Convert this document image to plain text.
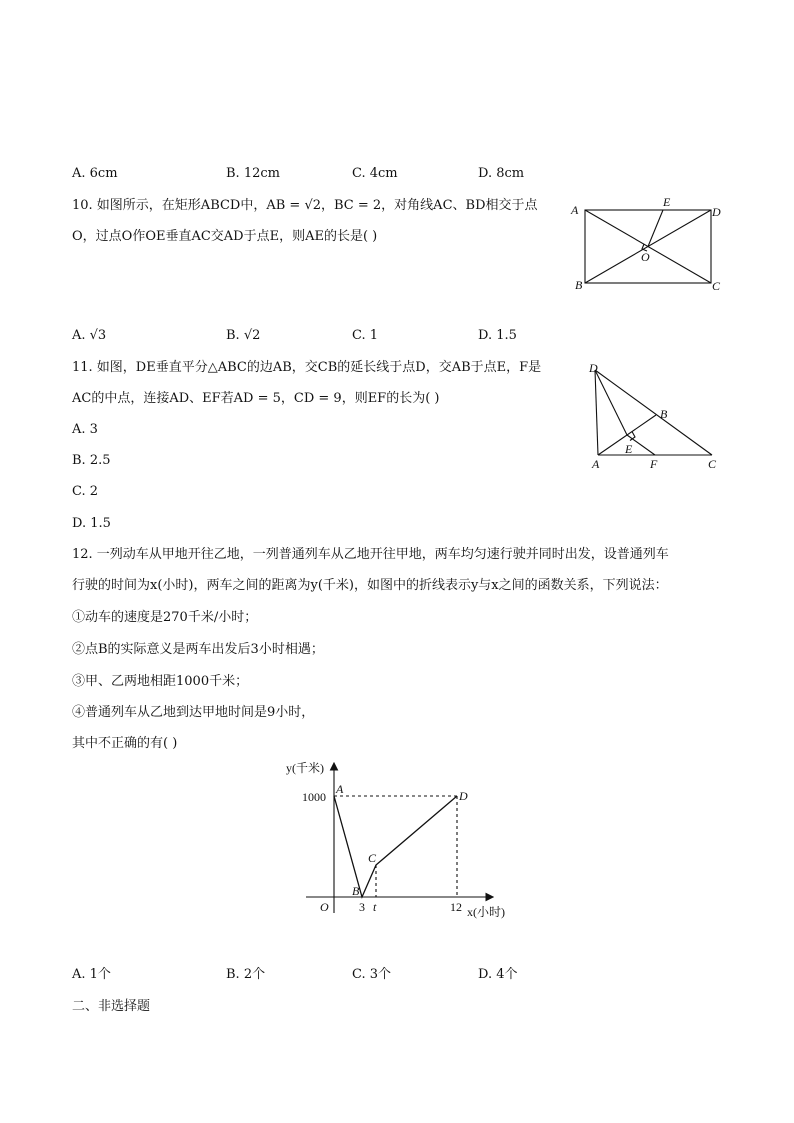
A. 6cm	B. 12cm	C. 4cm	D. 8cm
10. 如图所示，在矩形ABCD中，AB = √2，BC = 2，对角线AC、BD相交于点
O，过点O作OE垂直AC交AD于点E，则AE的长是( )
A
B	C
D
E
O
A. √3	B. √2	C. 1	D. 1.5
11. 如图，DE垂直平分△ABC的边AB，交CB的延长线于点D，交AB于点E，F是
AC的中点，连接AD、EF若AD = 5，CD = 9，则EF的长为( )
D
B
E
A	F	C
A. 3
B. 2.5
C. 2
D. 1.5
12. 一列动车从甲地开往乙地，一列普通列车从乙地开往甲地，两车均匀速行驶并同时出发，设普通列车
行驶的时间为x(小时)，两车之间的距离为y(千米)，如图中的折线表示y与x之间的函数关系，下列说法：
①动车的速度是270千米/小时；
②点B的实际意义是两车出发后3小时相遇；
③甲、乙两地相距1000千米；
④普通列车从乙地到达甲地时间是9小时，
其中不正确的有( )
y(千米)
1000
A
B
C
D
O	3 t	12 x(小时)
A. 1个	B. 2个	C. 3个	D. 4个
二、非选择题
